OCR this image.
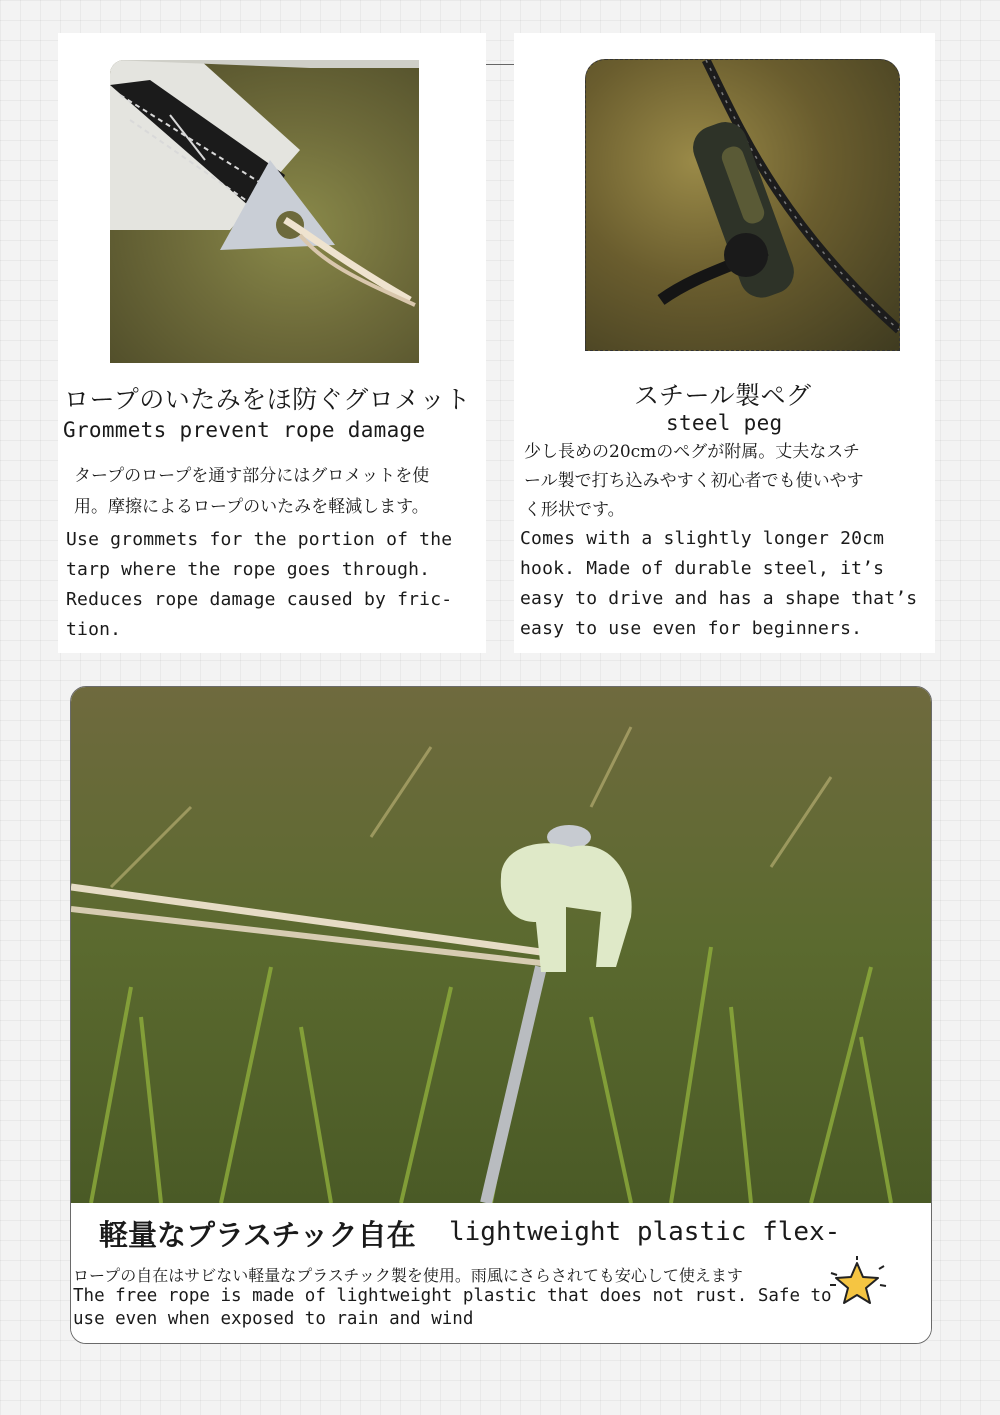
ロープのいたみをほ防ぐグロメット
Grommets prevent rope damage
タープのロープを通す部分にはグロメットを使
用。摩擦によるロープのいたみを軽減します。
Use grommets for the portion of the
tarp where the rope goes through.
Reduces rope damage caused by fric-
tion.
スチール製ペグ
steel peg
少し長めの20cmのペグが附属。丈夫なスチ
ール製で打ち込みやすく初心者でも使いやす
く形状です。
Comes with a slightly longer 20cm
hook. Made of durable steel, it’s
easy to drive and has a shape that’s
easy to use even for beginners.
軽量なプラスチック自在 lightweight plastic flex-
ロープの自在はサビない軽量なプラスチック製を使用。雨風にさらされても安心して使えます
The free rope is made of lightweight plastic that does not rust. Safe to use even when exposed to rain and wind
